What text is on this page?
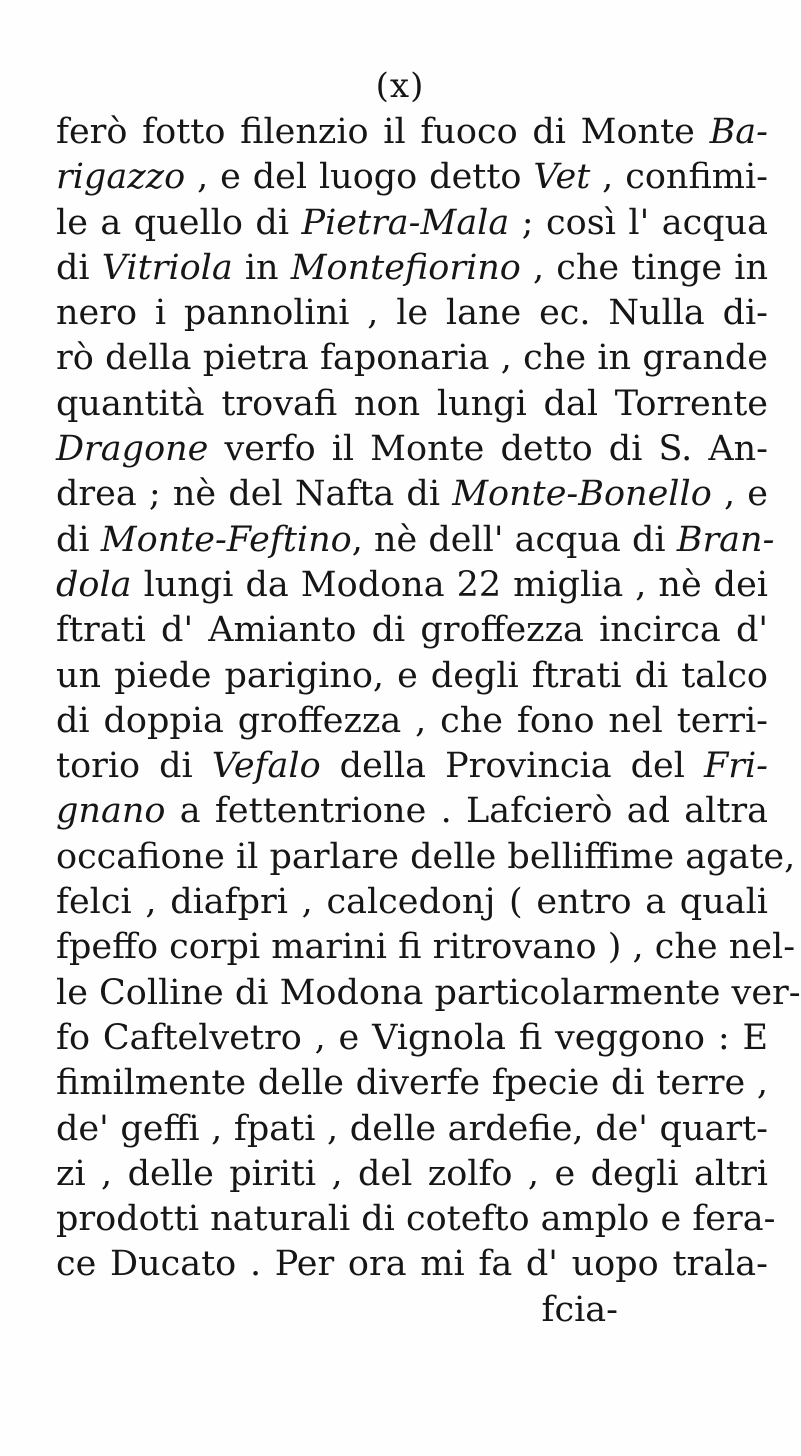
(x)
ferò fotto filenzio il fuoco di Monte Ba-
rigazzo , e del luogo detto Vet , confimi-
le a quello di Pietra-Mala ; così l' acqua
di Vitriola in Montefiorino , che tinge in
nero i pannolini , le lane ec. Nulla di-
rò della pietra faponaria , che in grande
quantità trovafi non lungi dal Torrente
Dragone verfo il Monte detto di S. An-
drea ; nè del Nafta di Monte-Bonello , e
di Monte-Feftino, nè dell' acqua di Bran-
dola lungi da Modona 22 miglia , nè dei
ftrati d' Amianto di groffezza incirca d'
un piede parigino, e degli ftrati di talco
di doppia groffezza , che fono nel terri-
torio di Vefalo della Provincia del Fri-
gnano a fettentrione . Lafcierò ad altra
occafione il parlare delle belliffime agate,
felci , diafpri , calcedonj ( entro a quali
fpeffo corpi marini fi ritrovano ) , che nel-
le Colline di Modona particolarmente ver-
fo Caftelvetro , e Vignola fi veggono : E
fimilmente delle diverfe fpecie di terre ,
de' geffi , fpati , delle ardefie, de' quart-
zi , delle piriti , del zolfo , e degli altri
prodotti naturali di cotefto amplo e fera-
ce Ducato . Per ora mi fa d' uopo trala-
fcia-
